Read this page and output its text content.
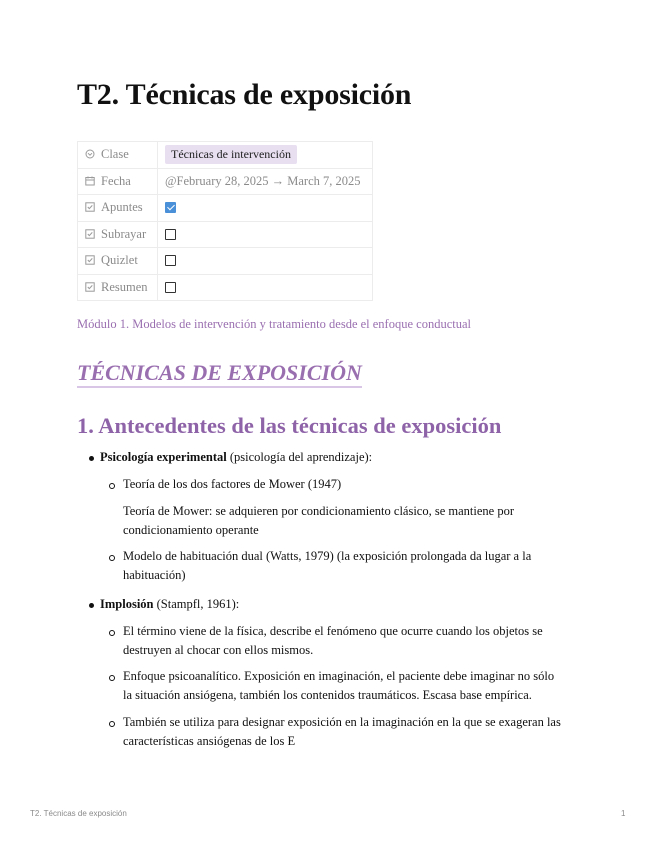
T2. Técnicas de exposición
Clase	Técnicas de intervención
Fecha	@February 28, 2025 → March 7, 2025
Apuntes	
Subrayar	
Quizlet	
Resumen	

Módulo 1. Modelos de intervención y tratamiento desde el enfoque conductual

TÉCNICAS DE EXPOSICIÓN
1. Antecedentes de las técnicas de exposición
Psicología experimental (psicología del aprendizaje):
Teoría de los dos factores de Mower (1947)
Teoría de Mower: se adquieren por condicionamiento clásico, se mantiene por
condicionamiento operante
Modelo de habituación dual (Watts, 1979) (la exposición prolongada da lugar a la
habituación)
Implosión (Stampfl, 1961):
El término viene de la física, describe el fenómeno que ocurre cuando los objetos se
destruyen al chocar con ellos mismos.
Enfoque psicoanalítico. Exposición en imaginación, el paciente debe imaginar no sólo
la situación ansiógena, también los contenidos traumáticos. Escasa base empírica.
También se utiliza para designar exposición en la imaginación en la que se exageran las
características ansiógenas de los E
T2. Técnicas de exposición	1
